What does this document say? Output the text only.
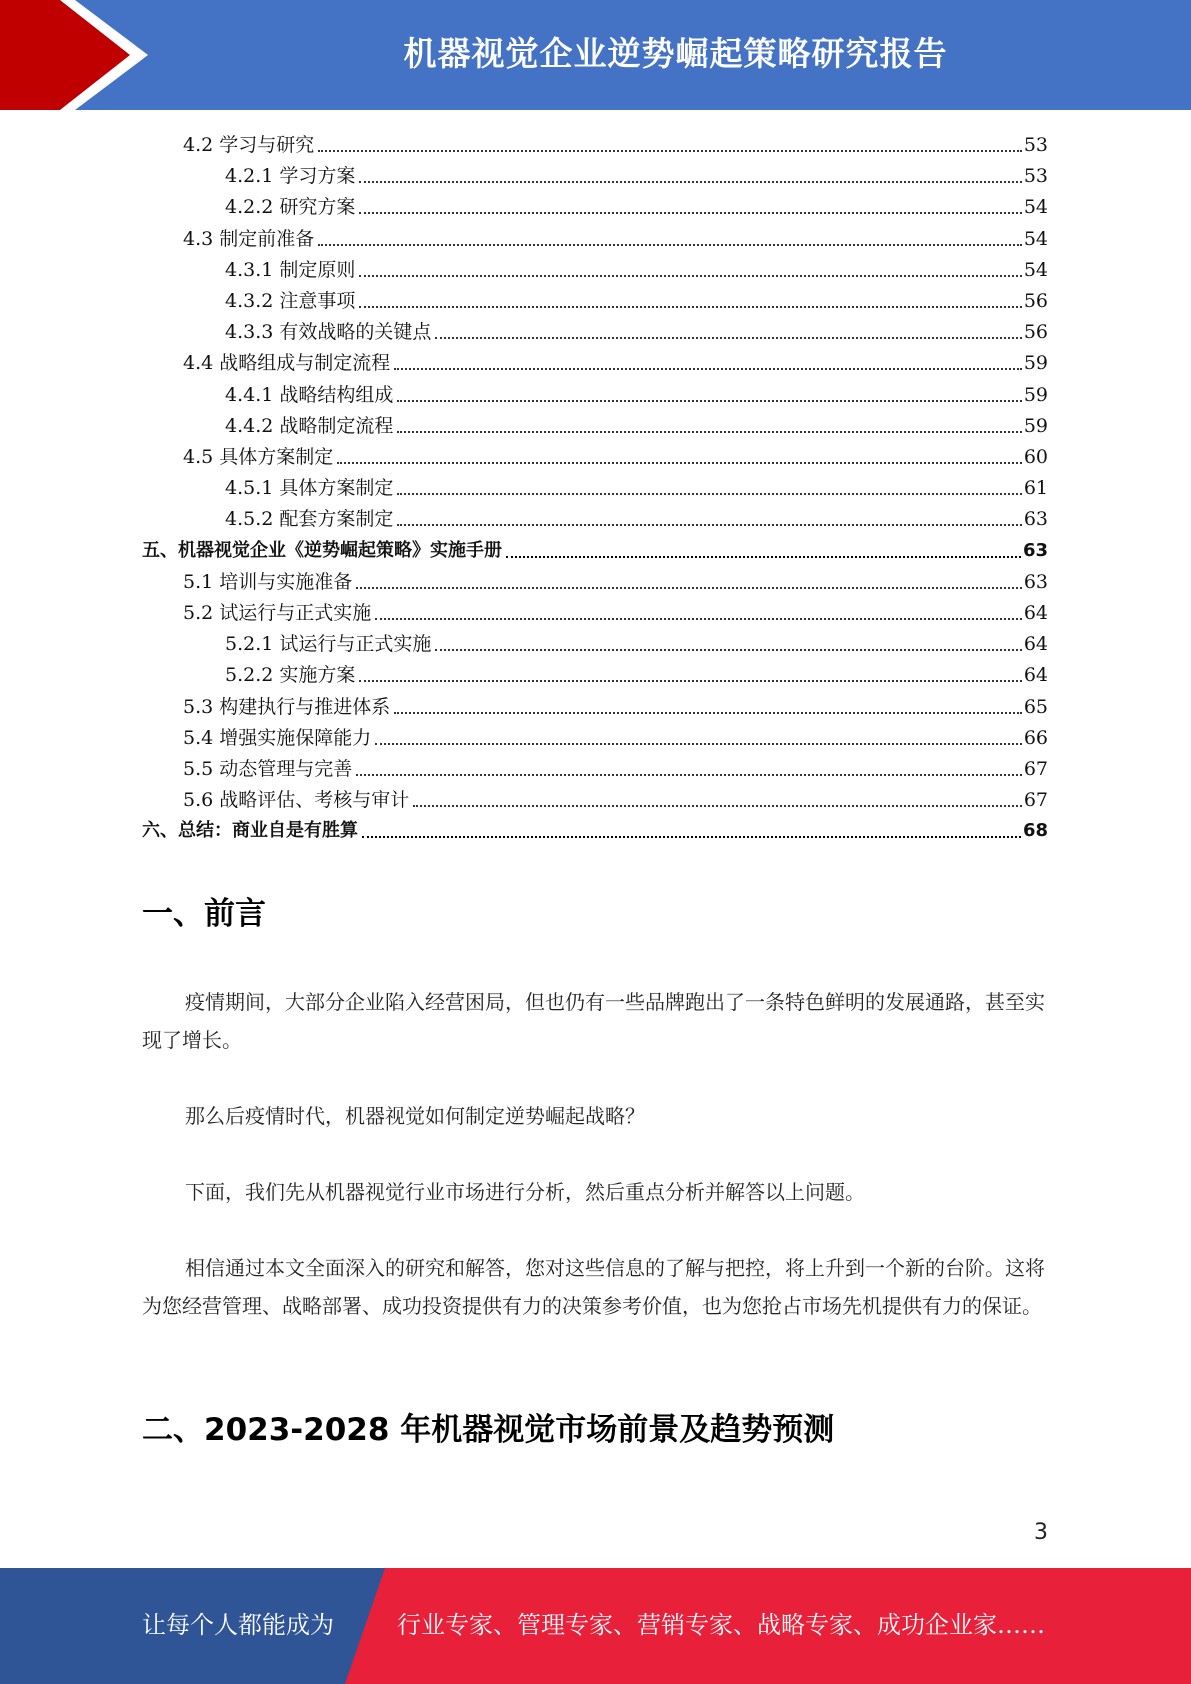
机器视觉企业逆势崛起策略研究报告
4.2 学习与研究	53
4.2.1 学习方案	53
4.2.2 研究方案	54
4.3 制定前准备	54
4.3.1 制定原则	54
4.3.2 注意事项	56
4.3.3 有效战略的关键点	56
4.4 战略组成与制定流程	59
4.4.1 战略结构组成	59
4.4.2 战略制定流程	59
4.5 具体方案制定	60
4.5.1 具体方案制定	61
4.5.2 配套方案制定	63
五、机器视觉企业《逆势崛起策略》实施手册	63
5.1 培训与实施准备	63
5.2 试运行与正式实施	64
5.2.1 试运行与正式实施	64
5.2.2 实施方案	64
5.3 构建执行与推进体系	65
5.4 增强实施保障能力	66
5.5 动态管理与完善	67
5.6 战略评估、考核与审计	67
六、总结：商业自是有胜算	68
一、前言
疫情期间，大部分企业陷入经营困局，但也仍有一些品牌跑出了一条特色鲜明的发展通路，甚至实现了增长。
那么后疫情时代，机器视觉如何制定逆势崛起战略？
下面，我们先从机器视觉行业市场进行分析，然后重点分析并解答以上问题。
相信通过本文全面深入的研究和解答，您对这些信息的了解与把控，将上升到一个新的台阶。这将为您经营管理、战略部署、成功投资提供有力的决策参考价值，也为您抢占市场先机提供有力的保证。
二、2023-2028 年机器视觉市场前景及趋势预测
3
让每个人都能成为	行业专家、管理专家、营销专家、战略专家、成功企业家……
